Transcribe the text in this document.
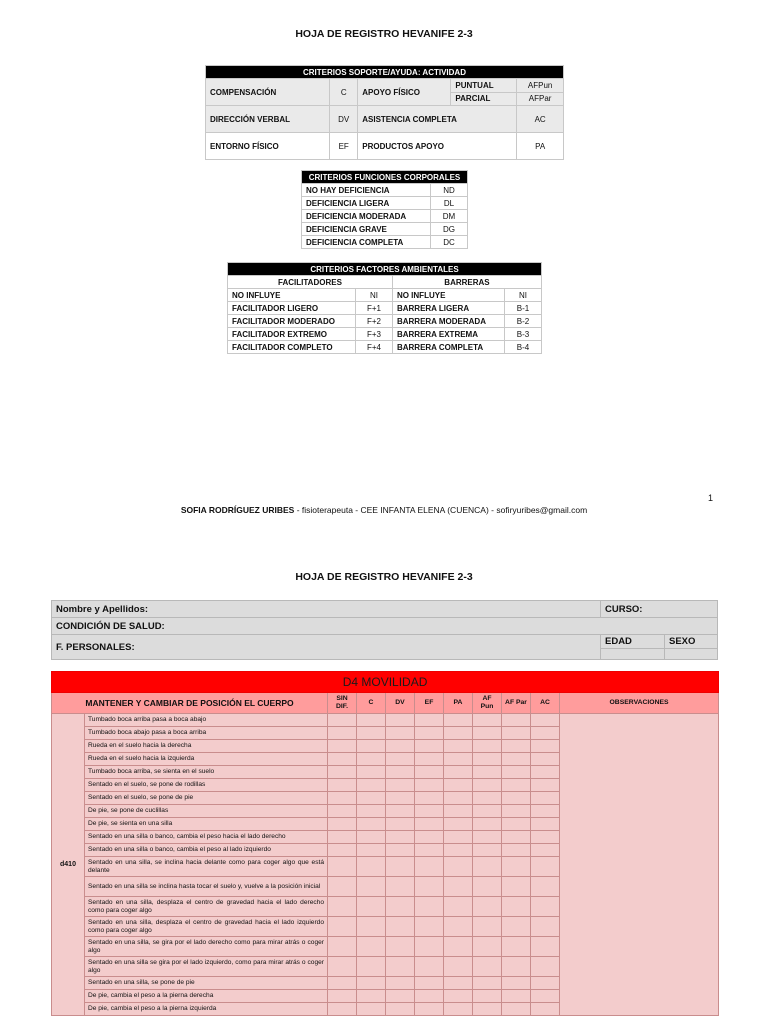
HOJA DE REGISTRO HEVANIFE 2-3
CRITERIOS SOPORTE/AYUDA: ACTIVIDAD				
COMPENSACIÓN	C	APOYO FÍSICO	PUNTUAL	AFPun
			PARCIAL	AFPar
DIRECCIÓN VERBAL	DV	ASISTENCIA COMPLETA		AC
ENTORNO FÍSICO	EF	PRODUCTOS APOYO		PA
CRITERIOS FUNCIONES CORPORALES	
NO HAY DEFICIENCIA	ND
DEFICIENCIA LIGERA	DL
DEFICIENCIA MODERADA	DM
DEFICIENCIA GRAVE	DG
DEFICIENCIA COMPLETA	DC
CRITERIOS FACTORES AMBIENTALES			
FACILITADORES		BARRERAS	
NO INFLUYE	NI	NO INFLUYE	NI
FACILITADOR LIGERO	F+1	BARRERA LIGERA	B-1
FACILITADOR MODERADO	F+2	BARRERA MODERADA	B-2
FACILITADOR EXTREMO	F+3	BARRERA EXTREMA	B-3
FACILITADOR COMPLETO	F+4	BARRERA COMPLETA	B-4
1
SOFIA RODRÍGUEZ URIBES - fisioterapeuta - CEE INFANTA ELENA (CUENCA) - sofiryuribes@gmail.com
HOJA DE REGISTRO HEVANIFE 2-3
Nombre y Apellidos:	CURSO:	
CONDICIÓN DE SALUD:		
F. PERSONALES:	EDAD	SEXO

D4 MOVILIDAD										
MANTENER Y CAMBIAR DE POSICIÓN EL CUERPO		SIN DIF.	C	DV	EF	PA	AF Pun	AF Par	AC	OBSERVACIONES
d410	Tumbado boca arriba pasa a boca abajo									
	Tumbado boca abajo pasa a boca arriba									
	Rueda en el suelo hacia la derecha									
	Rueda en el suelo hacia la izquierda									
	Tumbado boca arriba, se sienta en el suelo									
	Sentado en el suelo, se pone de rodillas									
	Sentado en el suelo, se pone de pie									
	De pie, se pone de cuclillas									
	De pie, se sienta en una silla									
	Sentado en una silla o banco, cambia el peso hacia el lado derecho									
	Sentado en una silla o banco, cambia el peso al lado izquierdo									
	Sentado en una silla, se inclina hacia delante como para coger algo que está delante									
	Sentado en una silla se inclina hasta tocar el suelo y, vuelve a la posición inicial									
	Sentado en una silla, desplaza el centro de gravedad hacia el lado derecho como para coger algo									
	Sentado en una silla, desplaza el centro de gravedad hacia el lado izquierdo como para coger algo									
	Sentado en una silla, se gira por el lado derecho como para mirar atrás o coger algo									
	Sentado en una silla se gira por el lado izquierdo, como para mirar atrás o coger algo									
	Sentado en una silla, se pone de pie									
	De pie, cambia el peso a la pierna derecha									
	De pie, cambia el peso a la pierna izquierda									
